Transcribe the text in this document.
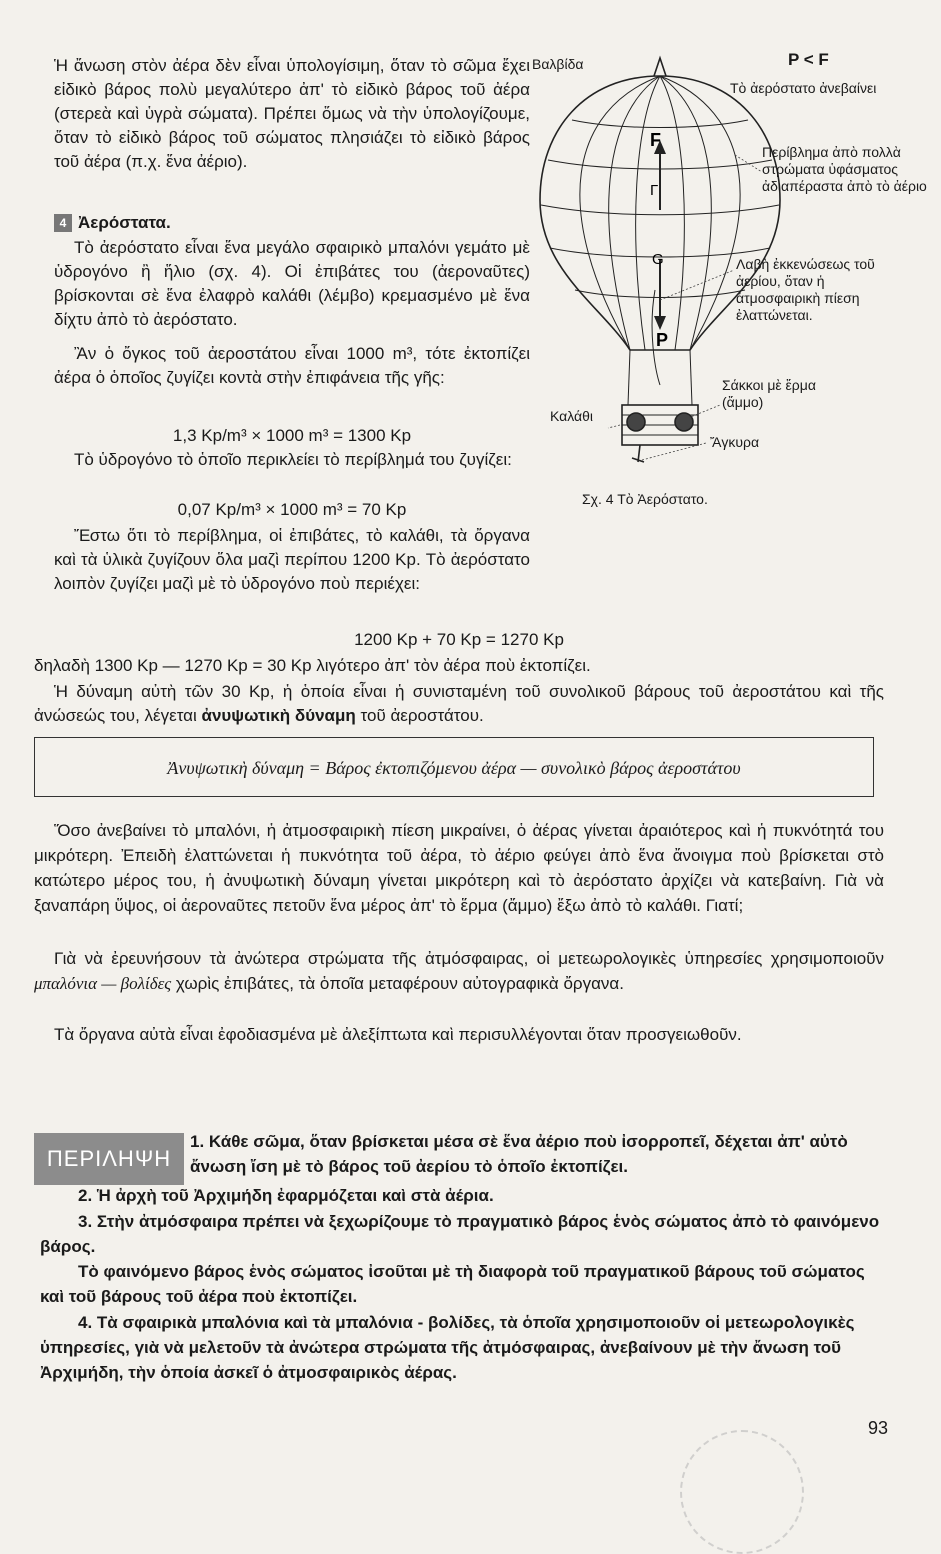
Ἡ ἄνωση στὸν ἀέρα δὲν εἶναι ὑπολογίσιμη, ὅταν τὸ σῶμα ἔχει εἰδικὸ βάρος πολὺ μεγαλύτερο ἀπ' τὸ εἰδικὸ βάρος τοῦ ἀέρα (στερεὰ καὶ ὑγρὰ σώματα). Πρέπει ὅμως νὰ τὴν ὑπολογίζουμε, ὅταν τὸ εἰδικὸ βάρος τοῦ σώματος πλησιάζει τὸ εἰδικὸ βάρος τοῦ ἀέρα (π.χ. ἕνα ἀέριο).

4 Ἀερόστατα.

Τὸ ἀερόστατο εἶναι ἕνα μεγάλο σφαιρικὸ μπαλόνι γεμάτο μὲ ὑδρογόνο ἢ ἥλιο (σχ. 4). Οἱ ἐπιβάτες του (ἀεροναῦτες) βρίσκονται σὲ ἕνα ἐλαφρὸ καλάθι (λέμβο) κρεμασμένο μὲ ἕνα δίχτυ ἀπὸ τὸ ἀερόστατο.

Ἂν ὁ ὄγκος τοῦ ἀεροστάτου εἶναι 1000 m³, τότε ἐκτοπίζει ἀέρα ὁ ὁποῖος ζυγίζει κοντὰ στὴν ἐπιφάνεια τῆς γῆς:

1,3 Kp/m³ × 1000 m³ = 1300 Kp

Τὸ ὑδρογόνο τὸ ὁποῖο περικλείει τὸ περίβλημά του ζυγίζει:

0,07 Kp/m³ × 1000 m³ = 70 Kp

Ἔστω ὅτι τὸ περίβλημα, οἱ ἐπιβάτες, τὸ καλάθι, τὰ ὄργανα καὶ τὰ ὑλικὰ ζυγίζουν ὅλα μαζὶ περίπου 1200 Kp. Τὸ ἀερόστατο λοιπὸν ζυγίζει μαζὶ μὲ τὸ ὑδρογόνο ποὺ περιέχει:

1200 Kp + 70 Kp = 1270 Kp

δηλαδὴ 1300 Kp — 1270 Kp = 30 Kp λιγότερο ἀπ' τὸν ἀέρα ποὺ ἐκτοπίζει.

Ἡ δύναμη αὐτὴ τῶν 30 Kp, ἡ ὁποία εἶναι ἡ συνισταμένη τοῦ συνολικοῦ βάρους τοῦ ἀεροστάτου καὶ τῆς ἀνώσεώς του, λέγεται ἀνυψωτικὴ δύναμη τοῦ ἀεροστάτου.

Ἀνυψωτικὴ δύναμη = Βάρος ἐκτοπιζόμενου ἀέρα — συνολικὸ βάρος ἀεροστάτου

Ὅσο ἀνεβαίνει τὸ μπαλόνι, ἡ ἀτμοσφαιρικὴ πίεση μικραίνει, ὁ ἀέρας γίνεται ἀραιότερος καὶ ἡ πυκνότητά του μικρότερη. Ἐπειδὴ ἐλαττώνεται ἡ πυκνότητα τοῦ ἀέρα, τὸ ἀέριο φεύγει ἀπὸ ἕνα ἄνοιγμα ποὺ βρίσκεται στὸ κατώτερο μέρος του, ἡ ἀνυψωτικὴ δύναμη γίνεται μικρότερη καὶ τὸ ἀερόστατο ἀρχίζει νὰ κατεβαίνη. Γιὰ νὰ ξαναπάρη ὕψος, οἱ ἀεροναῦτες πετοῦν ἕνα μέρος ἀπ' τὸ ἕρμα (ἄμμο) ἔξω ἀπὸ τὸ καλάθι. Γιατί;

Γιὰ νὰ ἐρευνήσουν τὰ ἀνώτερα στρώματα τῆς ἀτμόσφαιρας, οἱ μετεωρολογικὲς ὑπηρεσίες χρησιμοποιοῦν μπαλόνια — βολίδες χωρὶς ἐπιβάτες, τὰ ὁποῖα μεταφέρουν αὐτογραφικὰ ὄργανα.

Τὰ ὄργανα αὐτὰ εἶναι ἐφοδιασμένα μὲ ἀλεξίπτωτα καὶ περισυλλέγονται ὅταν προσγειωθοῦν.

F
Γ
G
P

Βαλβίδα	P < F

Τὸ ἀερόστατο ἀνεβαίνει

Περίβλημα ἀπὸ πολλὰ στρώματα ὑφάσματος ἀδιαπέραστα ἀπὸ τὸ ἀέριο

Λαβὴ ἐκκενώσεως τοῦ ἀερίου, ὅταν ἡ ἀτμοσφαιρικὴ πίεση ἐλαττώνεται.

Σάκκοι μὲ ἕρμα (ἄμμο)

Καλάθι

Ἄγκυρα

Σχ. 4 Τὸ Ἀερόστατο.

ΠΕΡΙΛΗΨΗ

1. Κάθε σῶμα, ὅταν βρίσκεται μέσα σὲ ἕνα ἀέριο ποὺ ἰσορροπεῖ, δέχεται ἀπ' αὐτὸ ἄνωση ἴση μὲ τὸ βάρος τοῦ ἀερίου τὸ ὁποῖο ἐκτοπίζει.

2. Ἡ ἀρχὴ τοῦ Ἀρχιμήδη ἐφαρμόζεται καὶ στὰ ἀέρια.

3. Στὴν ἀτμόσφαιρα πρέπει νὰ ξεχωρίζουμε τὸ πραγματικὸ βάρος ἑνὸς σώματος ἀπὸ τὸ φαινόμενο βάρος.

Τὸ φαινόμενο βάρος ἑνὸς σώματος ἰσοῦται μὲ τὴ διαφορὰ τοῦ πραγματικοῦ βάρους τοῦ σώματος καὶ τοῦ βάρους τοῦ ἀέρα ποὺ ἐκτοπίζει.

4. Τὰ σφαιρικὰ μπαλόνια καὶ τὰ μπαλόνια - βολίδες, τὰ ὁποῖα χρησιμοποιοῦν οἱ μετεωρολογικὲς ὑπηρεσίες, γιὰ νὰ μελετοῦν τὰ ἀνώτερα στρώματα τῆς ἀτμόσφαιρας, ἀνεβαίνουν μὲ τὴν ἄνωση τοῦ Ἀρχιμήδη, τὴν ὁποία ἀσκεῖ ὁ ἀτμοσφαιρικὸς ἀέρας.

93
